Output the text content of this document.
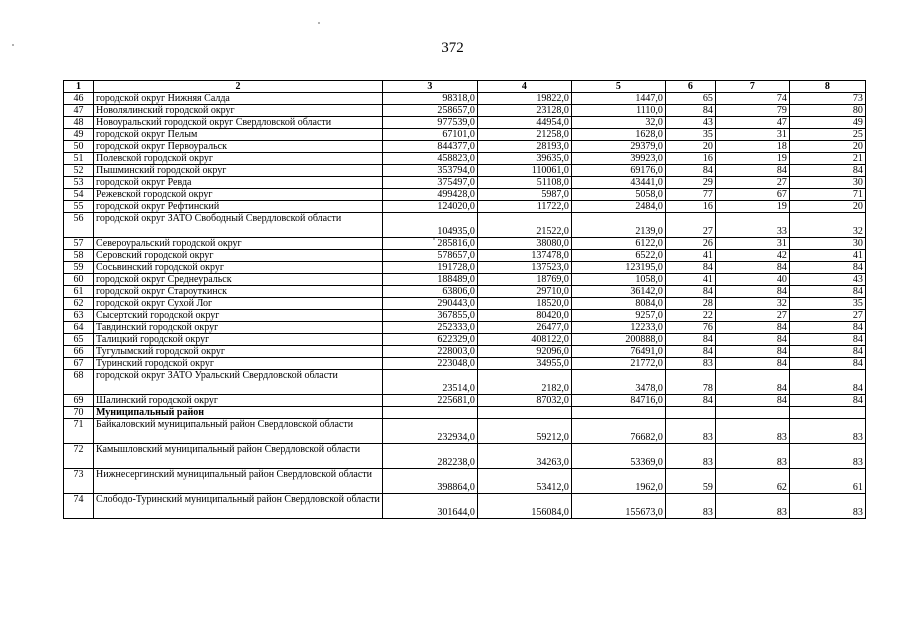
372
1	2	3	4	5	6	7	8
46	городской округ Нижняя Салда	98318,0	19822,0	1447,0	65	74	73
47	Новолялинский городской округ	258657,0	23128,0	1110,0	84	79	80
48	Новоуральский городской округ Свердловской области	977539,0	44954,0	32,0	43	47	49
49	городской округ Пелым	67101,0	21258,0	1628,0	35	31	25
50	городской округ Первоуральск	844377,0	28193,0	29379,0	20	18	20
51	Полевской городской округ	458823,0	39635,0	39923,0	16	19	21
52	Пышминский городской округ	353794,0	110061,0	69176,0	84	84	84
53	городской округ Ревда	375497,0	51108,0	43441,0	29	27	30
54	Режевской городской округ	499428,0	5987,0	5058,0	77	67	71
55	городской округ Рефтинский	124020,0	11722,0	2484,0	16	19	20
56	городской округ ЗАТО Свободный Свердловской области	104935,0	21522,0	2139,0	27	33	32
57	Североуральский городской округ	285816,0	38080,0	6122,0	26	31	30
58	Серовский городской округ	578657,0	137478,0	6522,0	41	42	41
59	Сосьвинский городской округ	191728,0	137523,0	123195,0	84	84	84
60	городской округ Среднеуральск	188489,0	18769,0	1058,0	41	40	43
61	городской округ Староуткинск	63806,0	29710,0	36142,0	84	84	84
62	городской округ Сухой Лог	290443,0	18520,0	8084,0	28	32	35
63	Сысертский городской округ	367855,0	80420,0	9257,0	22	27	27
64	Тавдинский городской округ	252333,0	26477,0	12233,0	76	84	84
65	Талицкий городской округ	622329,0	408122,0	200888,0	84	84	84
66	Тугулымский городской округ	228003,0	92096,0	76491,0	84	84	84
67	Туринский городской округ	223048,0	34955,0	21772,0	83	84	84
68	городской округ ЗАТО Уральский Свердловской области	23514,0	2182,0	3478,0	78	84	84
69	Шалинский городской округ	225681,0	87032,0	84716,0	84	84	84
70	Муниципальный район						
71	Байкаловский муниципальный район Свердловской области	232934,0	59212,0	76682,0	83	83	83
72	Камышловский муниципальный район Свердловской области	282238,0	34263,0	53369,0	83	83	83
73	Нижнесергинский муниципальный район Свердловской области	398864,0	53412,0	1962,0	59	62	61
74	Слободо-Туринский муниципальный район Свердловской области	301644,0	156084,0	155673,0	83	83	83
